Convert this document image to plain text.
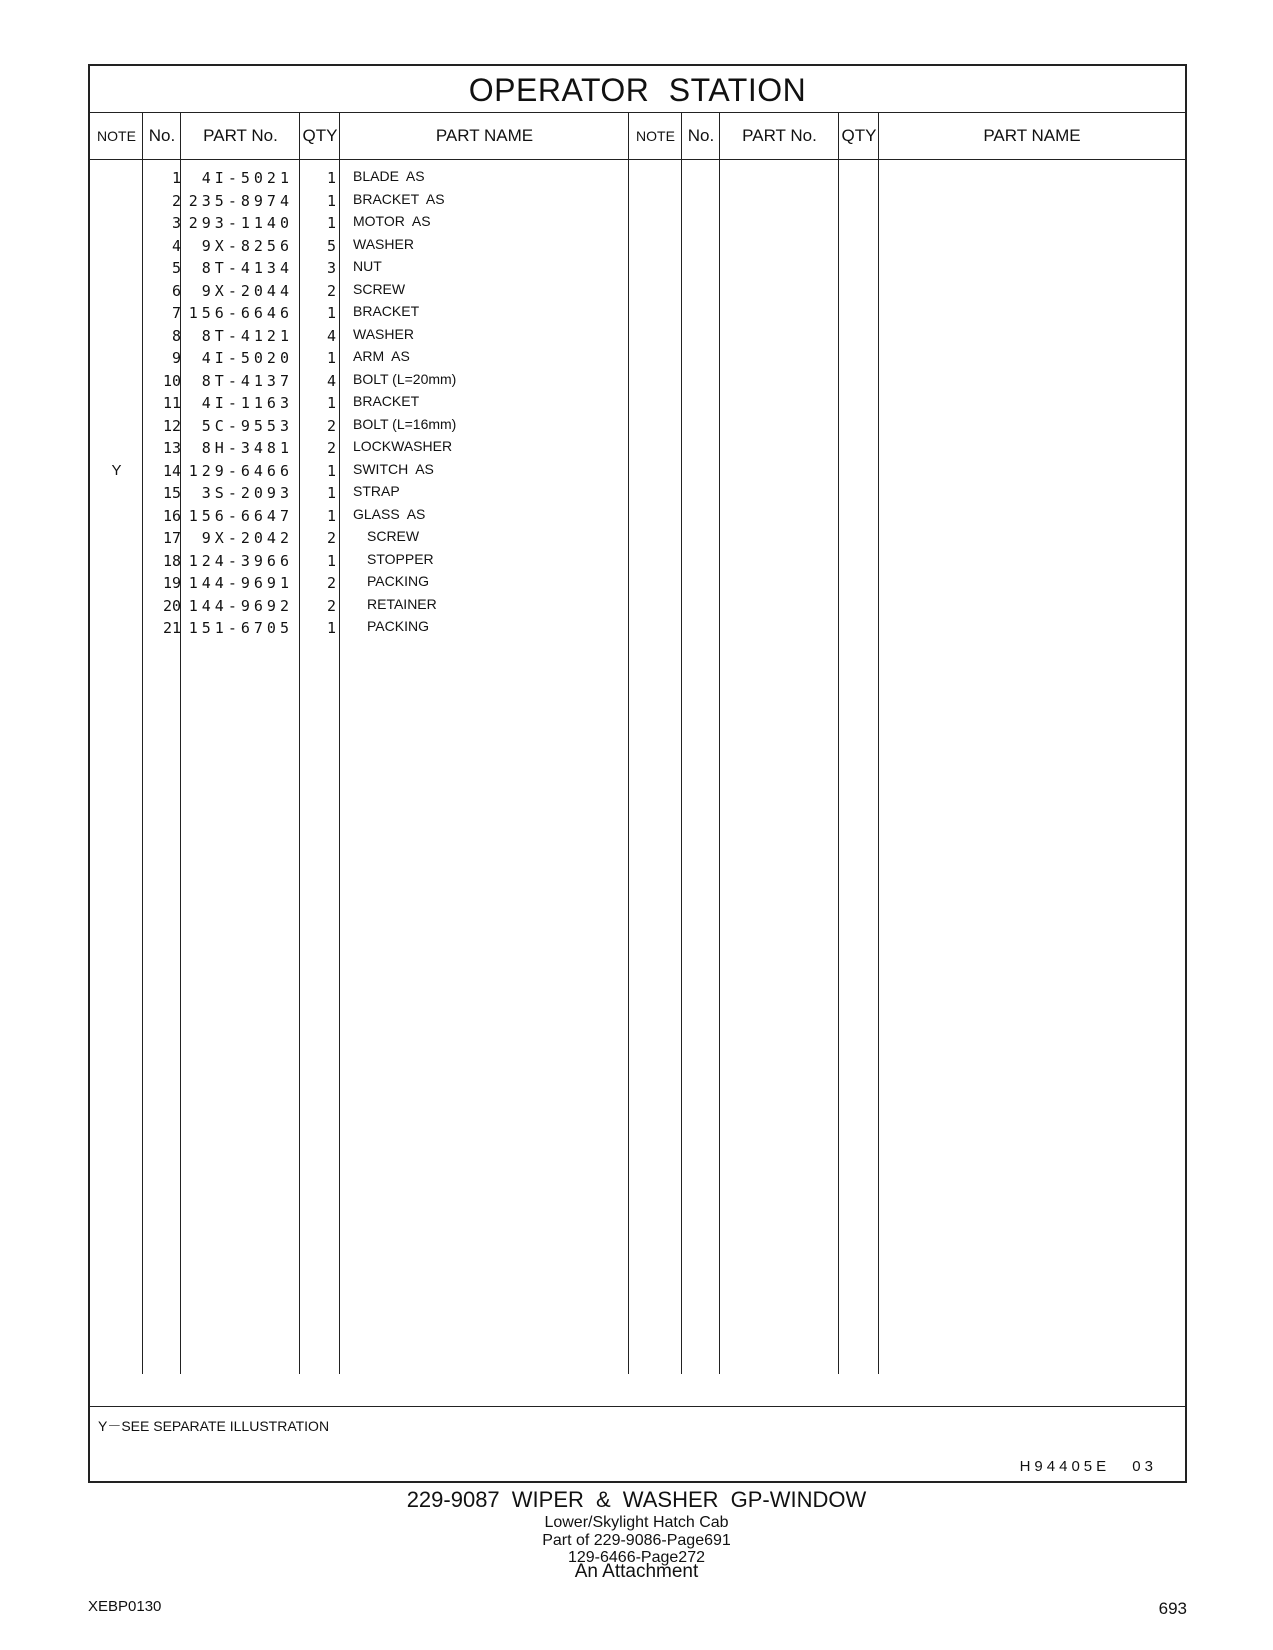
OPERATOR STATION
NOTE No.	PART No.	QTY	PART NAME	NOTE No.	PART No.	QTY	PART NAME
1	4I-5021	1 BLADE  AS
2 235-8974	1 BRACKET  AS
3 293-1140	1 MOTOR  AS
4	9X-8256	5 WASHER
5	8T-4134	3 NUT
6	9X-2044	2 SCREW
7 156-6646	1 BRACKET
8	8T-4121	4 WASHER
9	4I-5020	1 ARM  AS
10	8T-4137	4 BOLT (L=20mm)
11	4I-1163	1 BRACKET
12	5C-9553	2 BOLT (L=16mm)
13	8H-3481	2 LOCKWASHER
Y	14 129-6466	1 SWITCH  AS
15	3S-2093	1 STRAP
16 156-6647	1 GLASS  AS
17	9X-2042	2 SCREW
18 124-3966	1 STOPPER
19 144-9691	2 PACKING
20 144-9692	2 RETAINER
21 151-6705	1 PACKING
Y－SEE SEPARATE ILLUSTRATION
H94405E 03
229-9087 WIPER & WASHER GP-WINDOW
Lower/Skylight Hatch Cab
Part of 229-9086-Page691
129-6466-Page272
An Attachment
XEBP0130	693
